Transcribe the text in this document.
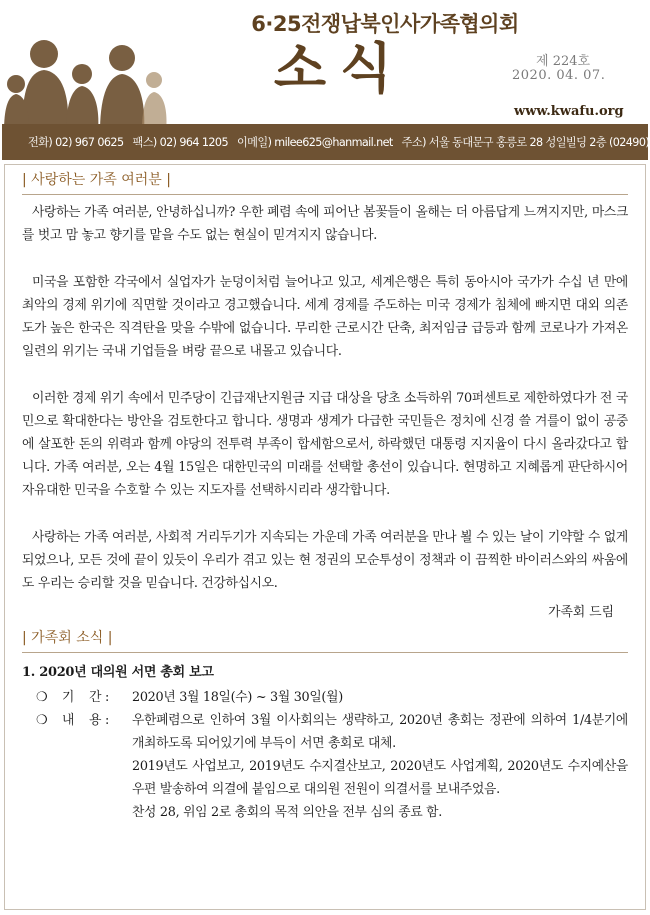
6·25전쟁납북인사가족협의회
소식	제 224호
2020. 04. 07.
www.kwafu.org
전화) 02) 967 0625 팩스) 02) 964 1205 이메일) milee625@hanmail.net 주소) 서울 동대문구 홍릉로 28 성일빌딩 2층 (02490)
| 사랑하는 가족 여러분 |

사랑하는 가족 여러분, 안녕하십니까? 우한 폐렴 속에 피어난 봄꽃들이 올해는 더 아름답게 느껴지지만, 마스크를 벗고 맘 놓고 향기를 맡을 수도 없는 현실이 믿겨지지 않습니다.

미국을 포함한 각국에서 실업자가 눈덩이처럼 늘어나고 있고, 세계은행은 특히 동아시아 국가가 수십 년 만에 최악의 경제 위기에 직면할 것이라고 경고했습니다. 세계 경제를 주도하는 미국 경제가 침체에 빠지면 대외 의존도가 높은 한국은 직격탄을 맞을 수밖에 없습니다. 무리한 근로시간 단축, 최저임금 급등과 함께 코로나가 가져온 일련의 위기는 국내 기업들을 벼랑 끝으로 내몰고 있습니다.

이러한 경제 위기 속에서 민주당이 긴급재난지원금 지급 대상을 당초 소득하위 70퍼센트로 제한하였다가 전 국민으로 확대한다는 방안을 검토한다고 합니다. 생명과 생계가 다급한 국민들은 정치에 신경 쓸 겨를이 없이 공중에 살포한 돈의 위력과 함께 야당의 전투력 부족이 합세함으로서, 하락했던 대통령 지지율이 다시 올라갔다고 합니다. 가족 여러분, 오는 4월 15일은 대한민국의 미래를 선택할 총선이 있습니다. 현명하고 지혜롭게 판단하시어 자유대한 민국을 수호할 수 있는 지도자를 선택하시리라 생각합니다.

사랑하는 가족 여러분, 사회적 거리두기가 지속되는 가운데 가족 여러분을 만나 뵐 수 있는 날이 기약할 수 없게 되었으나, 모든 것에 끝이 있듯이 우리가 겪고 있는 현 정권의 모순투성이 정책과 이 끔찍한 바이러스와의 싸움에도 우리는 승리할 것을 믿습니다. 건강하십시오.

가족회 드림
| 가족회 소식 |
1. 2020년 대의원 서면 총회 보고
❍	기    간 :	2020년 3월 18일(수) ~ 3월 30일(월)
❍	내    용 :	우한폐렴으로 인하여 3월 이사회의는 생략하고, 2020년 총회는 정관에 의하여 1/4분기에 개최하도록 되어있기에 부득이 서면 총회로 대체.
2019년도 사업보고, 2019년도 수지결산보고, 2020년도 사업계획, 2020년도 수지예산을 우편 발송하여 의결에 붙임으로 대의원 전원이 의결서를 보내주었음.
찬성 28, 위임 2로 총회의 목적 의안을 전부 심의 종료 함.
